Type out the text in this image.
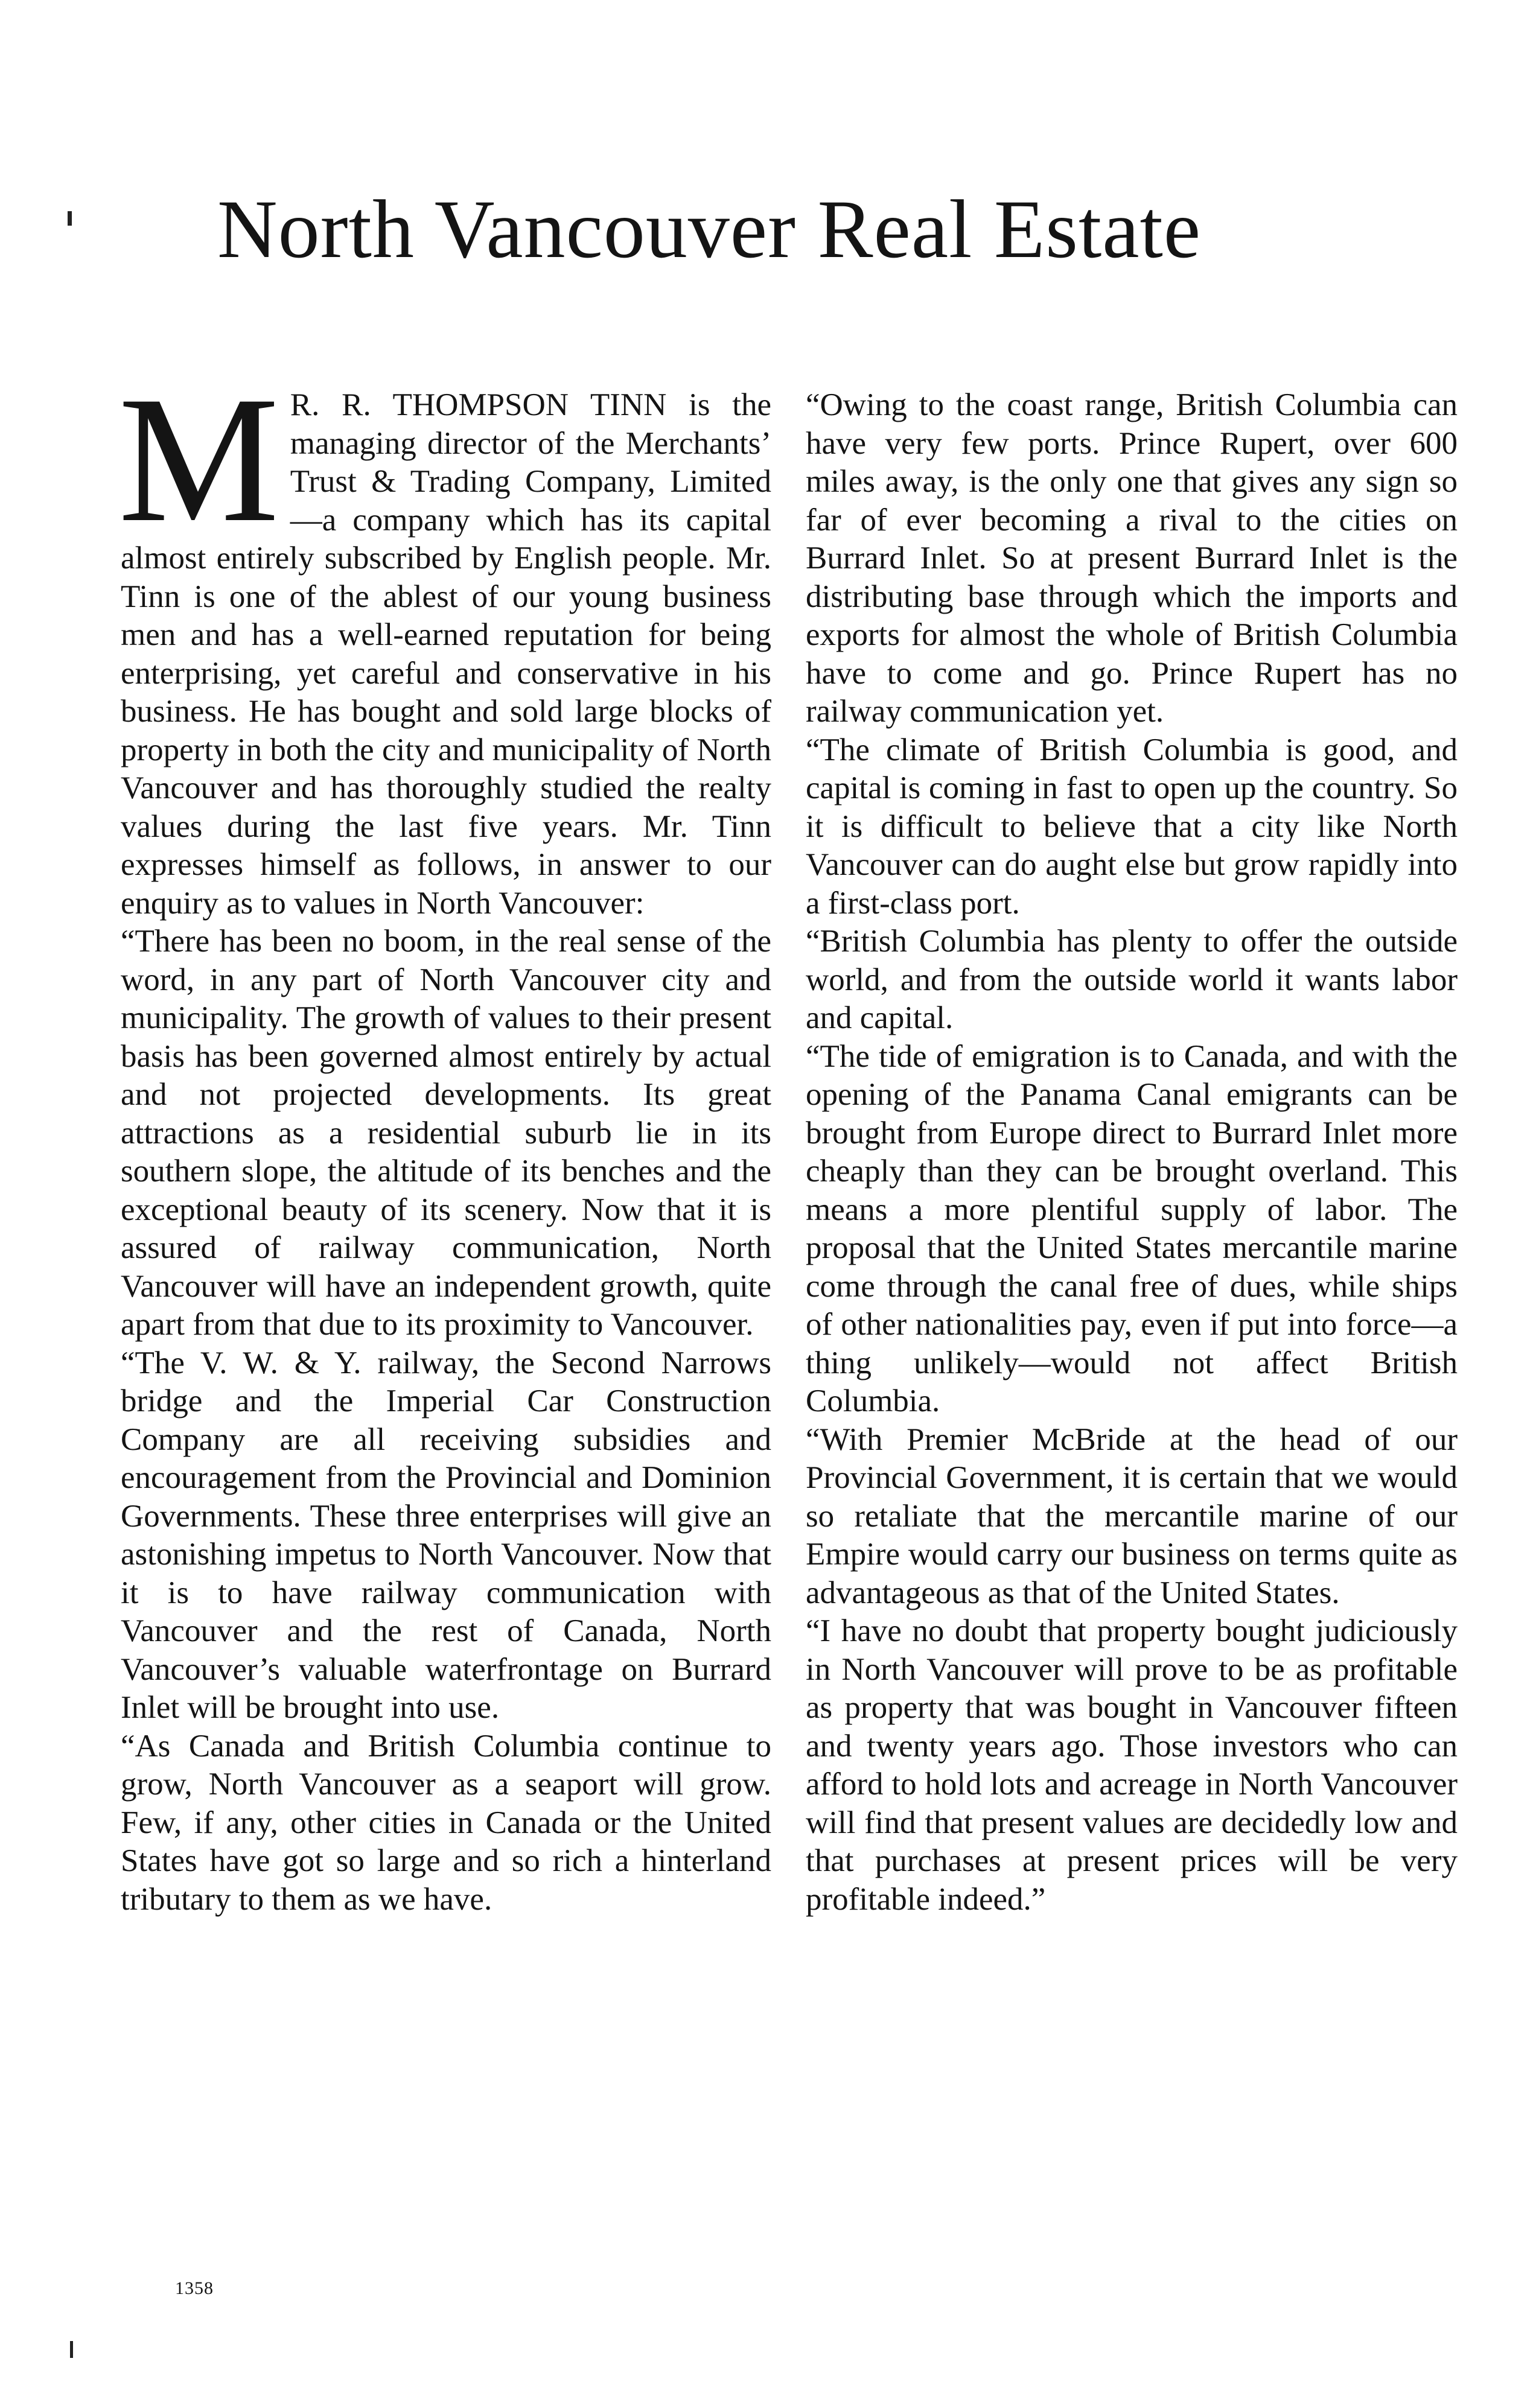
North Vancouver Real Estate
M R. R. THOMPSON TINN is the managing director of the Merchants’ Trust & Trading Company, Limited —a company which has its capital almost entirely subscribed by English people. Mr. Tinn is one of the ablest of our young business men and has a well-earned reputation for being enterprising, yet careful and conservative in his business. He has bought and sold large blocks of property in both the city and municipality of North Vancouver and has thoroughly studied the realty values during the last five years. Mr. Tinn expresses himself as follows, in answer to our enquiry as to values in North Vancouver:

“There has been no boom, in the real sense of the word, in any part of North Vancouver city and municipality. The growth of values to their present basis has been governed almost entirely by actual and not projected developments. Its great attractions as a residential suburb lie in its southern slope, the altitude of its benches and the exceptional beauty of its scenery. Now that it is assured of railway communication, North Vancouver will have an independent growth, quite apart from that due to its proximity to Vancouver.

“The V. W. & Y. railway, the Second Narrows bridge and the Imperial Car Construction Company are all receiving subsidies and encouragement from the Provincial and Dominion Governments. These three enterprises will give an astonishing impetus to North Vancouver. Now that it is to have railway communication with Vancouver and the rest of Canada, North Vancouver’s valuable waterfrontage on Burrard Inlet will be brought into use.

“As Canada and British Columbia continue to grow, North Vancouver as a seaport will grow. Few, if any, other cities in Canada or the United States have got so large and so rich a hinterland tributary to them as we have.

“Owing to the coast range, British Columbia can have very few ports. Prince Rupert, over 600 miles away, is the only one that gives any sign so far of ever becoming a rival to the cities on Burrard Inlet. So at present Burrard Inlet is the distributing base through which the imports and exports for almost the whole of British Columbia have to come and go. Prince Rupert has no railway communication yet.

“The climate of British Columbia is good, and capital is coming in fast to open up the country. So it is difficult to believe that a city like North Vancouver can do aught else but grow rapidly into a first-class port.

“British Columbia has plenty to offer the outside world, and from the outside world it wants labor and capital.

“The tide of emigration is to Canada, and with the opening of the Panama Canal emigrants can be brought from Europe direct to Burrard Inlet more cheaply than they can be brought overland. This means a more plentiful supply of labor. The proposal that the United States mercantile marine come through the canal free of dues, while ships of other nationalities pay, even if put into force—a thing unlikely—would not affect British Columbia.

“With Premier McBride at the head of our Provincial Government, it is certain that we would so retaliate that the mercantile marine of our Empire would carry our business on terms quite as advantageous as that of the United States.

“I have no doubt that property bought judiciously in North Vancouver will prove to be as profitable as property that was bought in Vancouver fifteen and twenty years ago. Those investors who can afford to hold lots and acreage in North Vancouver will find that present values are decidedly low and that purchases at present prices will be very profitable indeed.”

1358
